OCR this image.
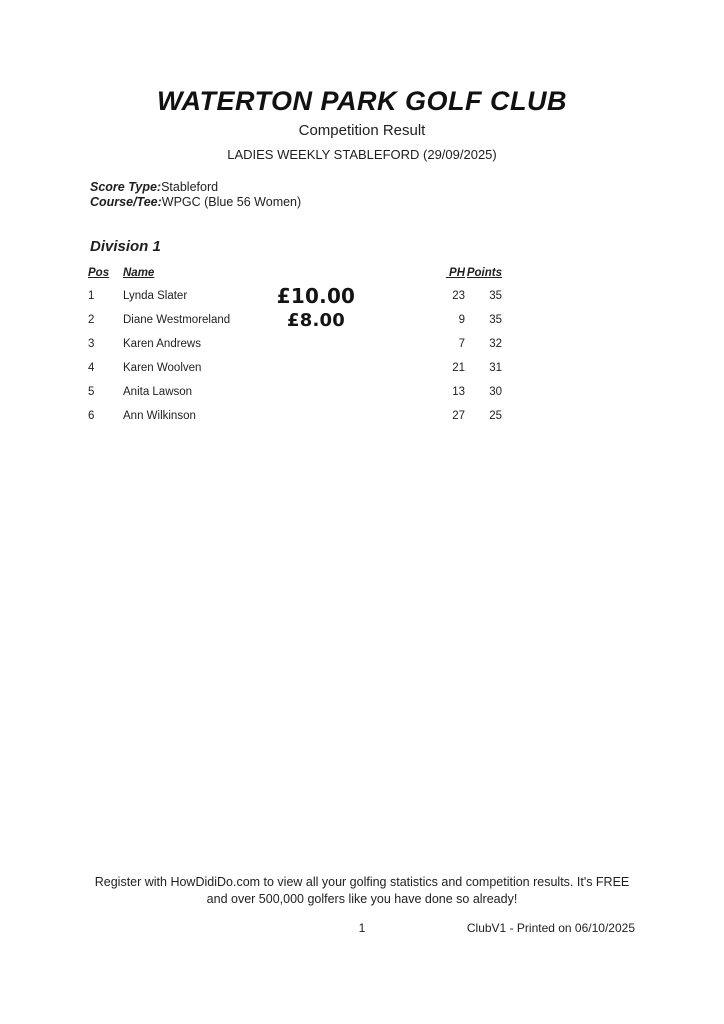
WATERTON PARK GOLF CLUB
Competition Result
LADIES WEEKLY STABLEFORD (29/09/2025)
Score Type:Stableford
Course/Tee:WPGC (Blue 56 Women)
Division 1
Pos	Name		PH	Points
1	Lynda Slater	£10.00	23	35
2	Diane Westmoreland	£8.00	9	35
3	Karen Andrews		7	32
4	Karen Woolven		21	31
5	Anita Lawson		13	30
6	Ann Wilkinson		27	25
Register with HowDidiDo.com to view all your golfing statistics and competition results. It's FREE
and over 500,000 golfers like you have done so already!
1	ClubV1 - Printed on 06/10/2025
